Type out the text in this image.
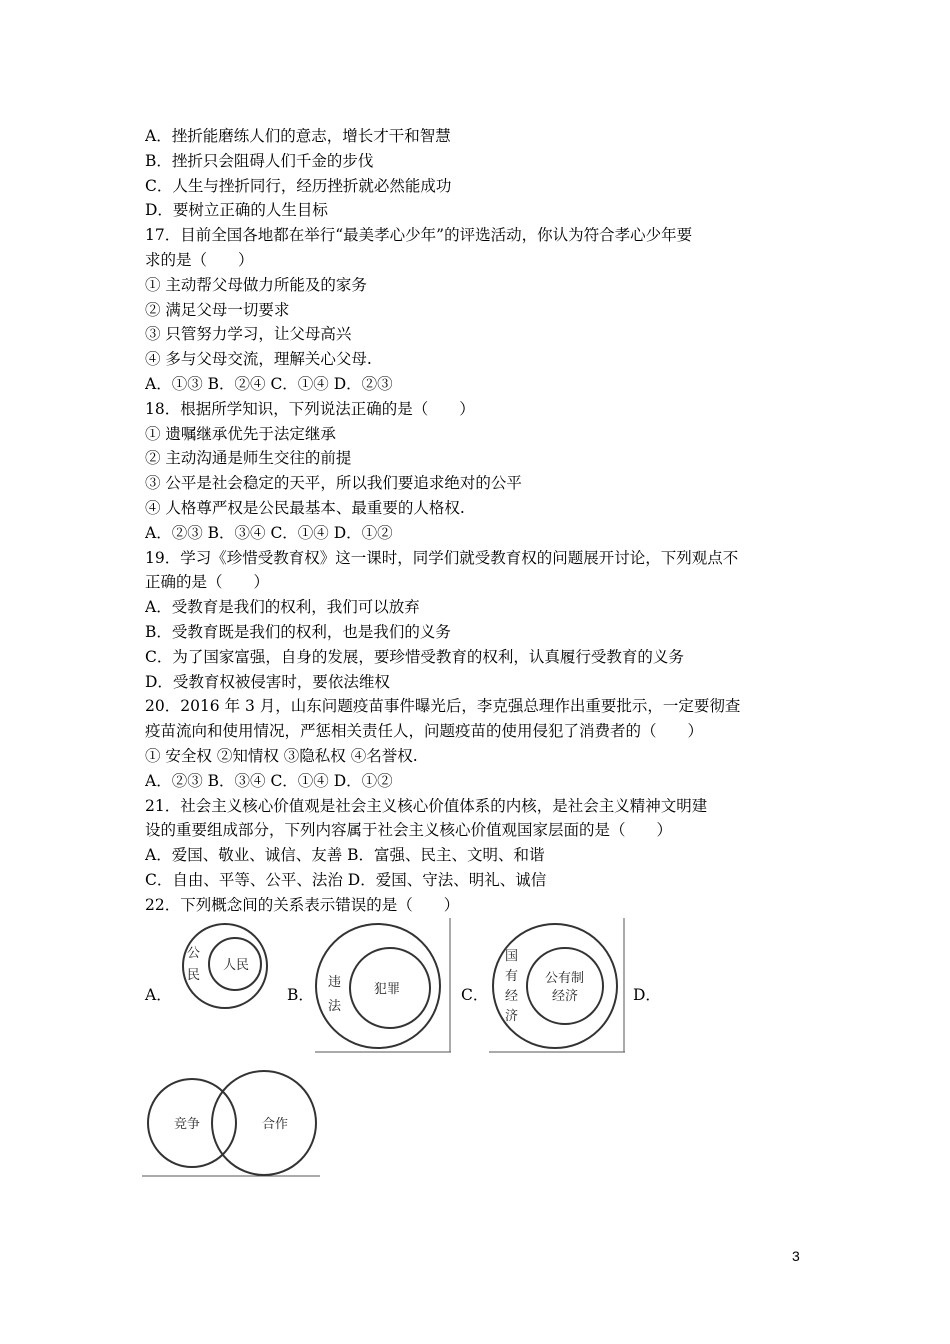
A．挫折能磨练人们的意志，增长才干和智慧
B．挫折只会阻碍人们千金的步伐
C．人生与挫折同行，经历挫折就必然能成功
D．要树立正确的人生目标
17．目前全国各地都在举行“最美孝心少年”的评选活动，你认为符合孝心少年要
求的是（　　）
① 主动帮父母做力所能及的家务
② 满足父母一切要求
③ 只管努力学习，让父母高兴
④ 多与父母交流，理解关心父母.
A．①③ B．②④ C．①④ D．②③
18．根据所学知识，下列说法正确的是（　　）
① 遗嘱继承优先于法定继承
② 主动沟通是师生交往的前提
③ 公平是社会稳定的天平，所以我们要追求绝对的公平
④ 人格尊严权是公民最基本、最重要的人格权.
A．②③ B．③④ C．①④ D．①②
19．学习《珍惜受教育权》这一课时，同学们就受教育权的问题展开讨论，下列观点不
正确的是（　　）
A．受教育是我们的权利，我们可以放弃
B．受教育既是我们的权利，也是我们的义务
C．为了国家富强，自身的发展，要珍惜受教育的权利，认真履行受教育的义务
D．受教育权被侵害时，要依法维权
20．2016 年 3 月，山东问题疫苗事件曝光后，李克强总理作出重要批示，一定要彻查
疫苗流向和使用情况，严惩相关责任人，问题疫苗的使用侵犯了消费者的（　　）
① 安全权 ②知情权 ③隐私权 ④名誉权.
A．②③ B．③④ C．①④ D．①②
21．社会主义核心价值观是社会主义核心价值体系的内核，是社会主义精神文明建
设的重要组成部分，下列内容属于社会主义核心价值观国家层面的是（　　）
A．爱国、敬业、诚信、友善 B．富强、民主、文明、和谐
C．自由、平等、公平、法治 D．爱国、守法、明礼、诚信
22．下列概念间的关系表示错误的是（　　）
A．
公
民
人民
B．
违
法
犯罪	C．
国
有
经
济
公有制
经济	D．
竞争	合作
3
